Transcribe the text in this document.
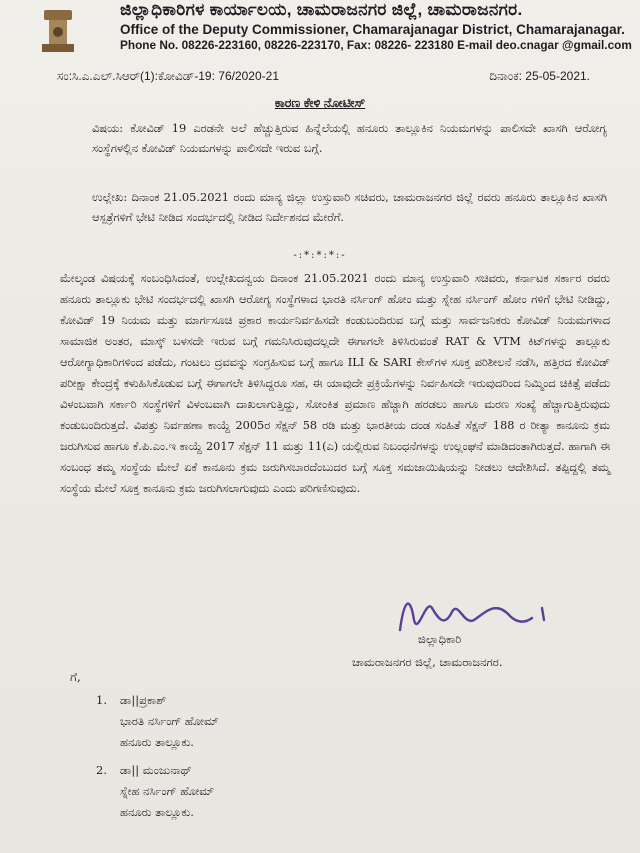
ಜಿಲ್ಲಾಧಿಕಾರಿಗಳ ಕಾರ್ಯಾಲಯ, ಚಾಮರಾಜನಗರ ಜಿಲ್ಲೆ, ಚಾಮರಾಜನಗರ.
Office of the Deputy Commissioner, Chamarajanagar District, Chamarajanagar.
Phone No. 08226-223160, 08226-223170, Fax: 08226- 223180 E-mail deo.cnagar @gmail.com
ಸಂ:ಸಿ.ಎ.ಎಲ್.ಸಿಆರ್(1):ಕೋವಿಡ್-19: 76/2020-21	ದಿನಾಂಕ: 25-05-2021.
ಕಾರಣ ಕೇಳಿ ನೋಟೀಸ್
ವಿಷಯ: ಕೋವಿಡ್ 19 ಎರಡನೇ ಅಲೆ ಹೆಚ್ಚುತ್ತಿರುವ ಹಿನ್ನೆಲೆಯಲ್ಲಿ ಹನೂರು ತಾಲ್ಲೂಕಿನ ನಿಯಮಗಳನ್ನು ಪಾಲಿಸದೇ ಖಾಸಗಿ ಆರೋಗ್ಯ ಸಂಸ್ಥೆಗಳಲ್ಲಿನ ಕೋವಿಡ್ ನಿಯಮಗಳನ್ನು ಪಾಲಿಸದೇ ಇರುವ ಬಗ್ಗೆ.
ಉಲ್ಲೇಖ: ದಿನಾಂಕ 21.05.2021 ರಂದು ಮಾನ್ಯ ಜಿಲ್ಲಾ ಉಸ್ತುವಾರಿ ಸಚಿವರು, ಚಾಮರಾಜನಗರ ಜಿಲ್ಲೆ ರವರು ಹನೂರು ತಾಲ್ಲೂಕಿನ ಖಾಸಗಿ ಆಸ್ಪತ್ರೆಗಳಿಗೆ ಭೇಟಿ ನೀಡಿದ ಸಂದರ್ಭದಲ್ಲಿ ನೀಡಿದ ನಿರ್ದೇಶನದ ಮೇರೆಗೆ.
-:*:*:*:-
ಮೇಲ್ಕಂಡ ವಿಷಯಕ್ಕೆ ಸಂಬಂಧಿಸಿದಂತೆ, ಉಲ್ಲೇಖದನ್ವಯ ದಿನಾಂಕ 21.05.2021 ರಂದು ಮಾನ್ಯ ಉಸ್ತುವಾರಿ ಸಚಿವರು, ಕರ್ನಾಟಕ ಸರ್ಕಾರ ರವರು ಹನೂರು ತಾಲ್ಲೂಕು ಭೇಟಿ ಸಂದರ್ಭದಲ್ಲಿ ಖಾಸಗಿ ಆರೋಗ್ಯ ಸಂಸ್ಥೆಗಳಾದ ಭಾರತಿ ನರ್ಸಿಂಗ್ ಹೋಂ ಮತ್ತು ಸ್ನೇಹ ನರ್ಸಿಂಗ್ ಹೋಂ ಗಳಿಗೆ ಭೇಟಿ ನೀಡಿದ್ದು, ಕೋವಿಡ್ 19 ನಿಯಮ ಮತ್ತು ಮಾರ್ಗಸೂಚಿ ಪ್ರಕಾರ ಕಾರ್ಯನಿರ್ವಹಿಸದೇ ಕಂಡುಬಂದಿರುವ ಬಗ್ಗೆ ಮತ್ತು ಸಾರ್ವಜನಿಕರು ಕೋವಿಡ್ ನಿಯಮಗಳಾದ ಸಾಮಾಜಿಕ ಅಂತರ, ಮಾಸ್ಕ್ ಬಳಸದೇ ಇರುವ ಬಗ್ಗೆ ಗಮನಿಸಿರುವುದಲ್ಲದೇ ಈಗಾಗಲೇ ತಿಳಿಸಿರುವಂತೆ RAT & VTM ಕಿಟ್‌ಗಳನ್ನು ತಾಲ್ಲೂಕು ಆರೋಗ್ಯಾಧಿಕಾರಿಗಳಿಂದ ಪಡೆದು, ಗಂಟಲು ದ್ರವವನ್ನು ಸಂಗ್ರಹಿಸುವ ಬಗ್ಗೆ ಹಾಗೂ ILI & SARI ಕೇಸ್‌ಗಳ ಸೂಕ್ತ ಪರಿಶೀಲನೆ ನಡೆಸಿ, ಹತ್ತಿರದ ಕೋವಿಡ್ ಪರೀಕ್ಷಾ ಕೇಂದ್ರಕ್ಕೆ ಕಳುಹಿಸಿಕೊಡುವ ಬಗ್ಗೆ ಈಗಾಗಲೇ ತಿಳಿಸಿದ್ದರೂ ಸಹ, ಈ ಯಾವುದೇ ಪ್ರಕ್ರಿಯೆಗಳನ್ನು ನಿರ್ವಹಿಸದೇ ಇರುವುದರಿಂದ ನಿಮ್ಮಿಂದ ಚಿಕಿತ್ಸೆ ಪಡೆದು ವಿಳಂಬವಾಗಿ ಸರ್ಕಾರಿ ಸಂಸ್ಥೆಗಳಿಗೆ ವಿಳಂಬವಾಗಿ ದಾಖಲಾಗುತ್ತಿದ್ದು, ಸೋಂಕಿತ ಪ್ರಮಾಣ ಹೆಚ್ಚಾಗಿ ಹರಡಲು ಹಾಗೂ ಮರಣ ಸಂಖ್ಯೆ ಹೆಚ್ಚಾಗುತ್ತಿರುವುದು ಕಂಡುಬಂದಿರುತ್ತದೆ. ವಿಪತ್ತು ನಿರ್ವಹಣಾ ಕಾಯ್ದೆ 2005ರ ಸೆಕ್ಷನ್ 58 ರಡಿ ಮತ್ತು ಭಾರತೀಯ ದಂಡ ಸಂಹಿತೆ ಸೆಕ್ಷನ್ 188 ರ ರೀತ್ಯಾ ಕಾನೂನು ಕ್ರಮ ಜರುಗಿಸುವ ಹಾಗೂ ಕೆ.ಪಿ.ಎಂ.ಇ ಕಾಯ್ದೆ 2017 ಸೆಕ್ಷನ್ 11 ಮತ್ತು 11(ಎ) ಯಲ್ಲಿರುವ ನಿಬಂಧನೆಗಳನ್ನು ಉಲ್ಲಂಘನೆ ಮಾಡಿದಂತಾಗಿರುತ್ತದೆ. ಹಾಗಾಗಿ ಈ ಸಂಬಂಧ ತಮ್ಮ ಸಂಸ್ಥೆಯ ಮೇಲೆ ಏಕೆ ಕಾನೂನು ಕ್ರಮ ಜರುಗಿಸಬಾರದೆಂಬುದರ ಬಗ್ಗೆ ಸೂಕ್ತ ಸಮಜಾಯಿಷಿಯನ್ನು ನೀಡಲು ಆದೇಶಿಸಿದೆ. ತಪ್ಪಿದ್ದಲ್ಲಿ ತಮ್ಮ ಸಂಸ್ಥೆಯ ಮೇಲೆ ಸೂಕ್ತ ಕಾನೂನು ಕ್ರಮ ಜರುಗಿಸಲಾಗುವುದು ಎಂದು ಪರಿಗಣಿಸುವುದು.
ಜಿಲ್ಲಾಧಿಕಾರಿ
ಚಾಮರಾಜನಗರ ಜಿಲ್ಲೆ, ಚಾಮರಾಜನಗರ.
ಗೆ,
1. ಡಾ||ಪ್ರಕಾಶ್
ಭಾರತಿ ನರ್ಸಿಂಗ್ ಹೋಮ್
ಹನೂರು ತಾಲ್ಲೂಕು.
2. ಡಾ|| ಮಂಜುನಾಥ್
ಸ್ನೇಹ ನರ್ಸಿಂಗ್ ಹೋಮ್
ಹನೂರು ತಾಲ್ಲೂಕು.
